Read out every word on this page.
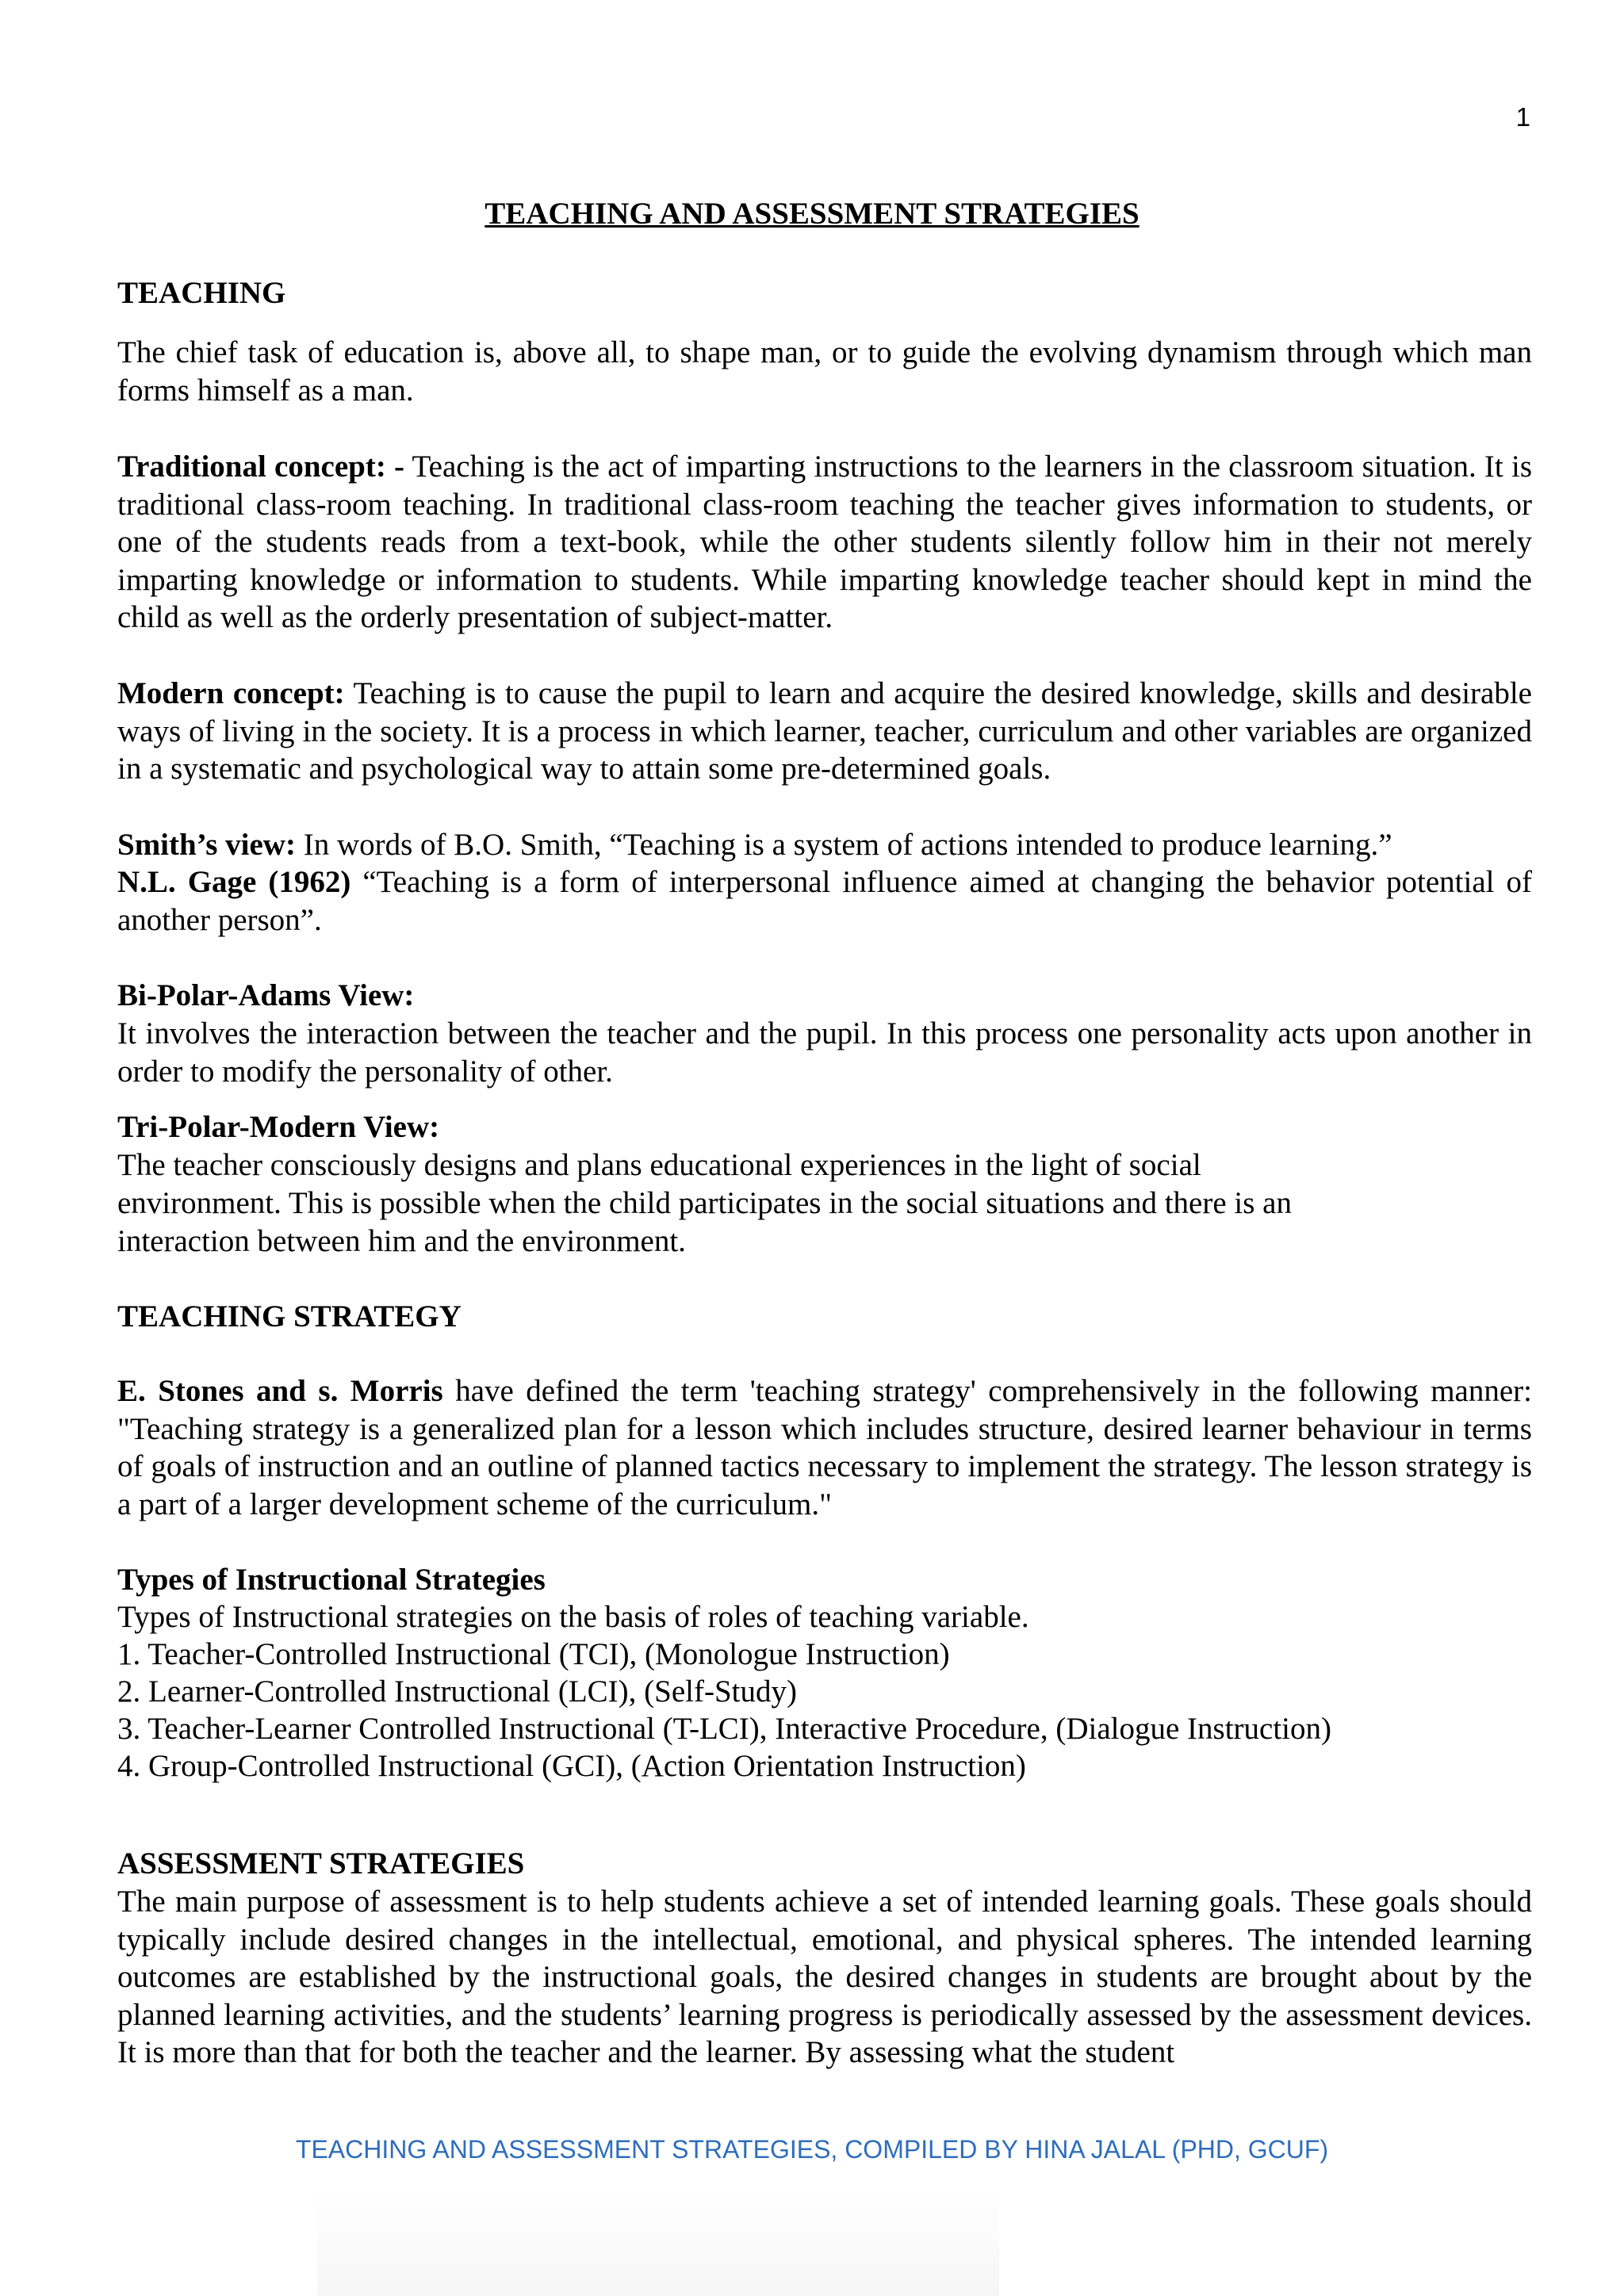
1
TEACHING AND ASSESSMENT STRATEGIES
TEACHING

The chief task of education is, above all, to shape man, or to guide the evolving dynamism through which man forms himself as a man.

Traditional concept: - Teaching is the act of imparting instructions to the learners in the classroom situation. It is traditional class-room teaching. In traditional class-room teaching the teacher gives information to students, or one of the students reads from a text-book, while the other students silently follow him in their not merely imparting knowledge or information to students. While imparting knowledge teacher should kept in mind the child as well as the orderly presentation of subject-matter.

Modern concept: Teaching is to cause the pupil to learn and acquire the desired knowledge, skills and desirable ways of living in the society. It is a process in which learner, teacher, curriculum and other variables are organized in a systematic and psychological way to attain some pre-determined goals.

Smith’s view: In words of B.O. Smith, “Teaching is a system of actions intended to produce learning.”

N.L. Gage (1962) “Teaching is a form of interpersonal influence aimed at changing the behavior potential of another person”.

Bi-Polar-Adams View:

It involves the interaction between the teacher and the pupil. In this process one personality acts upon another in order to modify the personality of other.

Tri-Polar-Modern View:
The teacher consciously designs and plans educational experiences in the light of social
environment. This is possible when the child participates in the social situations and there is an
interaction between him and the environment.
TEACHING STRATEGY

E. Stones and s. Morris have defined the term 'teaching strategy' comprehensively in the following manner: "Teaching strategy is a generalized plan for a lesson which includes structure, desired learner behaviour in terms of goals of instruction and an outline of planned tactics necessary to implement the strategy. The lesson strategy is a part of a larger development scheme of the curriculum."

Types of Instructional Strategies
Types of Instructional strategies on the basis of roles of teaching variable.
1. Teacher-Controlled Instructional (TCI), (Monologue Instruction)
2. Learner-Controlled Instructional (LCI), (Self-Study)
3. Teacher-Learner Controlled Instructional (T-LCI), Interactive Procedure, (Dialogue Instruction)
4. Group-Controlled Instructional (GCI), (Action Orientation Instruction)
ASSESSMENT STRATEGIES

The main purpose of assessment is to help students achieve a set of intended learning goals. These goals should typically include desired changes in the intellectual, emotional, and physical spheres. The intended learning outcomes are established by the instructional goals, the desired changes in students are brought about by the planned learning activities, and the students’ learning progress is periodically assessed by the assessment devices. It is more than that for both the teacher and the learner. By assessing what the student

TEACHING AND ASSESSMENT STRATEGIES, COMPILED BY HINA JALAL (PHD, GCUF)
